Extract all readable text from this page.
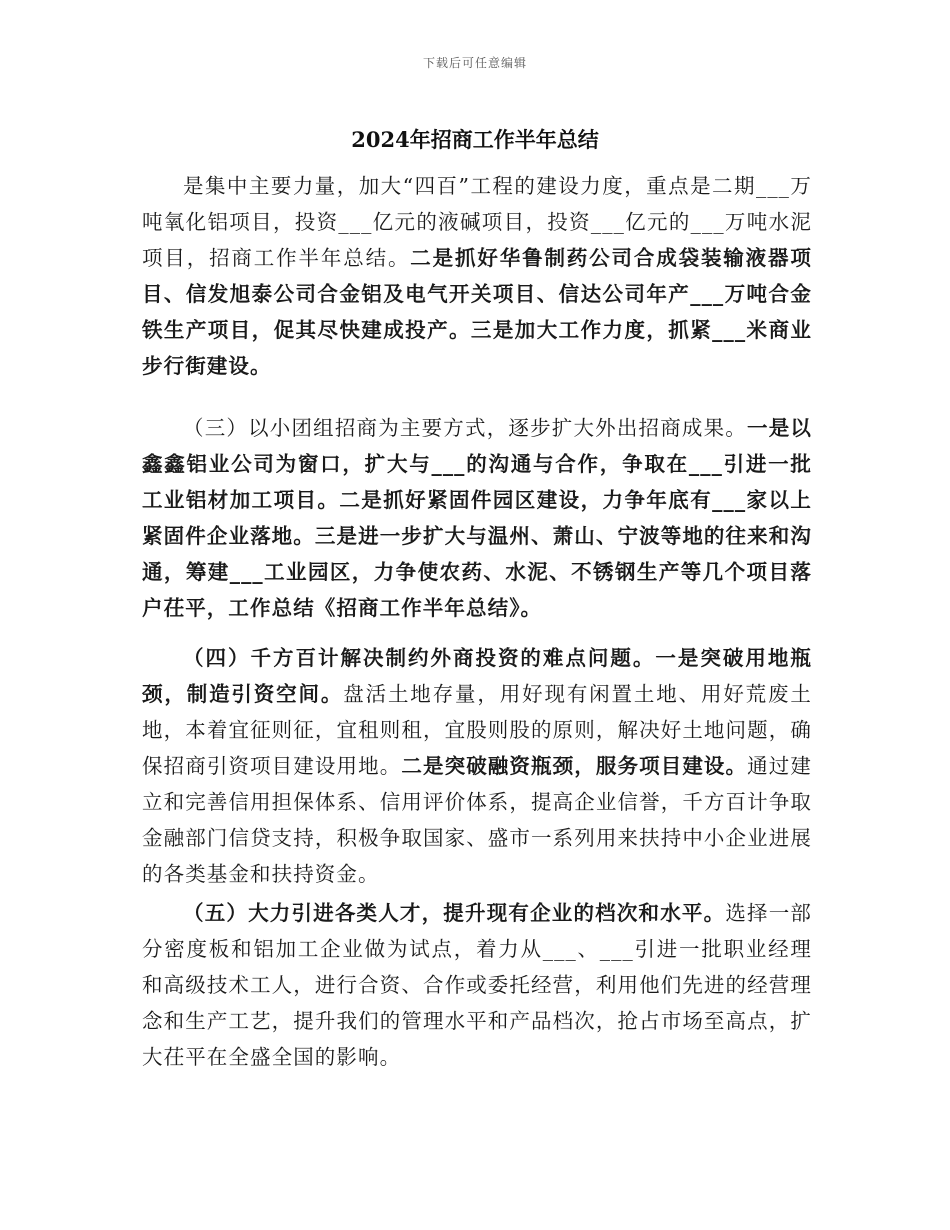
下载后可任意编辑
2024年招商工作半年总结

是集中主要力量，加大“四百”工程的建设力度，重点是二期___万吨氧化铝项目，投资___亿元的液碱项目，投资___亿元的___万吨水泥项目，招商工作半年总结。二是抓好华鲁制药公司合成袋装输液器项目、信发旭泰公司合金铝及电气开关项目、信达公司年产___万吨合金铁生产项目，促其尽快建成投产。三是加大工作力度，抓紧___米商业步行街建设。

（三）以小团组招商为主要方式，逐步扩大外出招商成果。一是以鑫鑫铝业公司为窗口，扩大与___的沟通与合作，争取在___引进一批工业铝材加工项目。二是抓好紧固件园区建设，力争年底有___家以上紧固件企业落地。三是进一步扩大与温州、萧山、宁波等地的往来和沟通，筹建___工业园区，力争使农药、水泥、不锈钢生产等几个项目落户茌平，工作总结《招商工作半年总结》。

（四）千方百计解决制约外商投资的难点问题。一是突破用地瓶颈，制造引资空间。盘活土地存量，用好现有闲置土地、用好荒废土地，本着宜征则征，宜租则租，宜股则股的原则，解决好土地问题，确保招商引资项目建设用地。二是突破融资瓶颈，服务项目建设。通过建立和完善信用担保体系、信用评价体系，提高企业信誉，千方百计争取金融部门信贷支持，积极争取国家、盛市一系列用来扶持中小企业进展的各类基金和扶持资金。

（五）大力引进各类人才，提升现有企业的档次和水平。选择一部分密度板和铝加工企业做为试点，着力从___、___引进一批职业经理和高级技术工人，进行合资、合作或委托经营，利用他们先进的经营理念和生产工艺，提升我们的管理水平和产品档次，抢占市场至高点，扩大茌平在全盛全国的影响。
